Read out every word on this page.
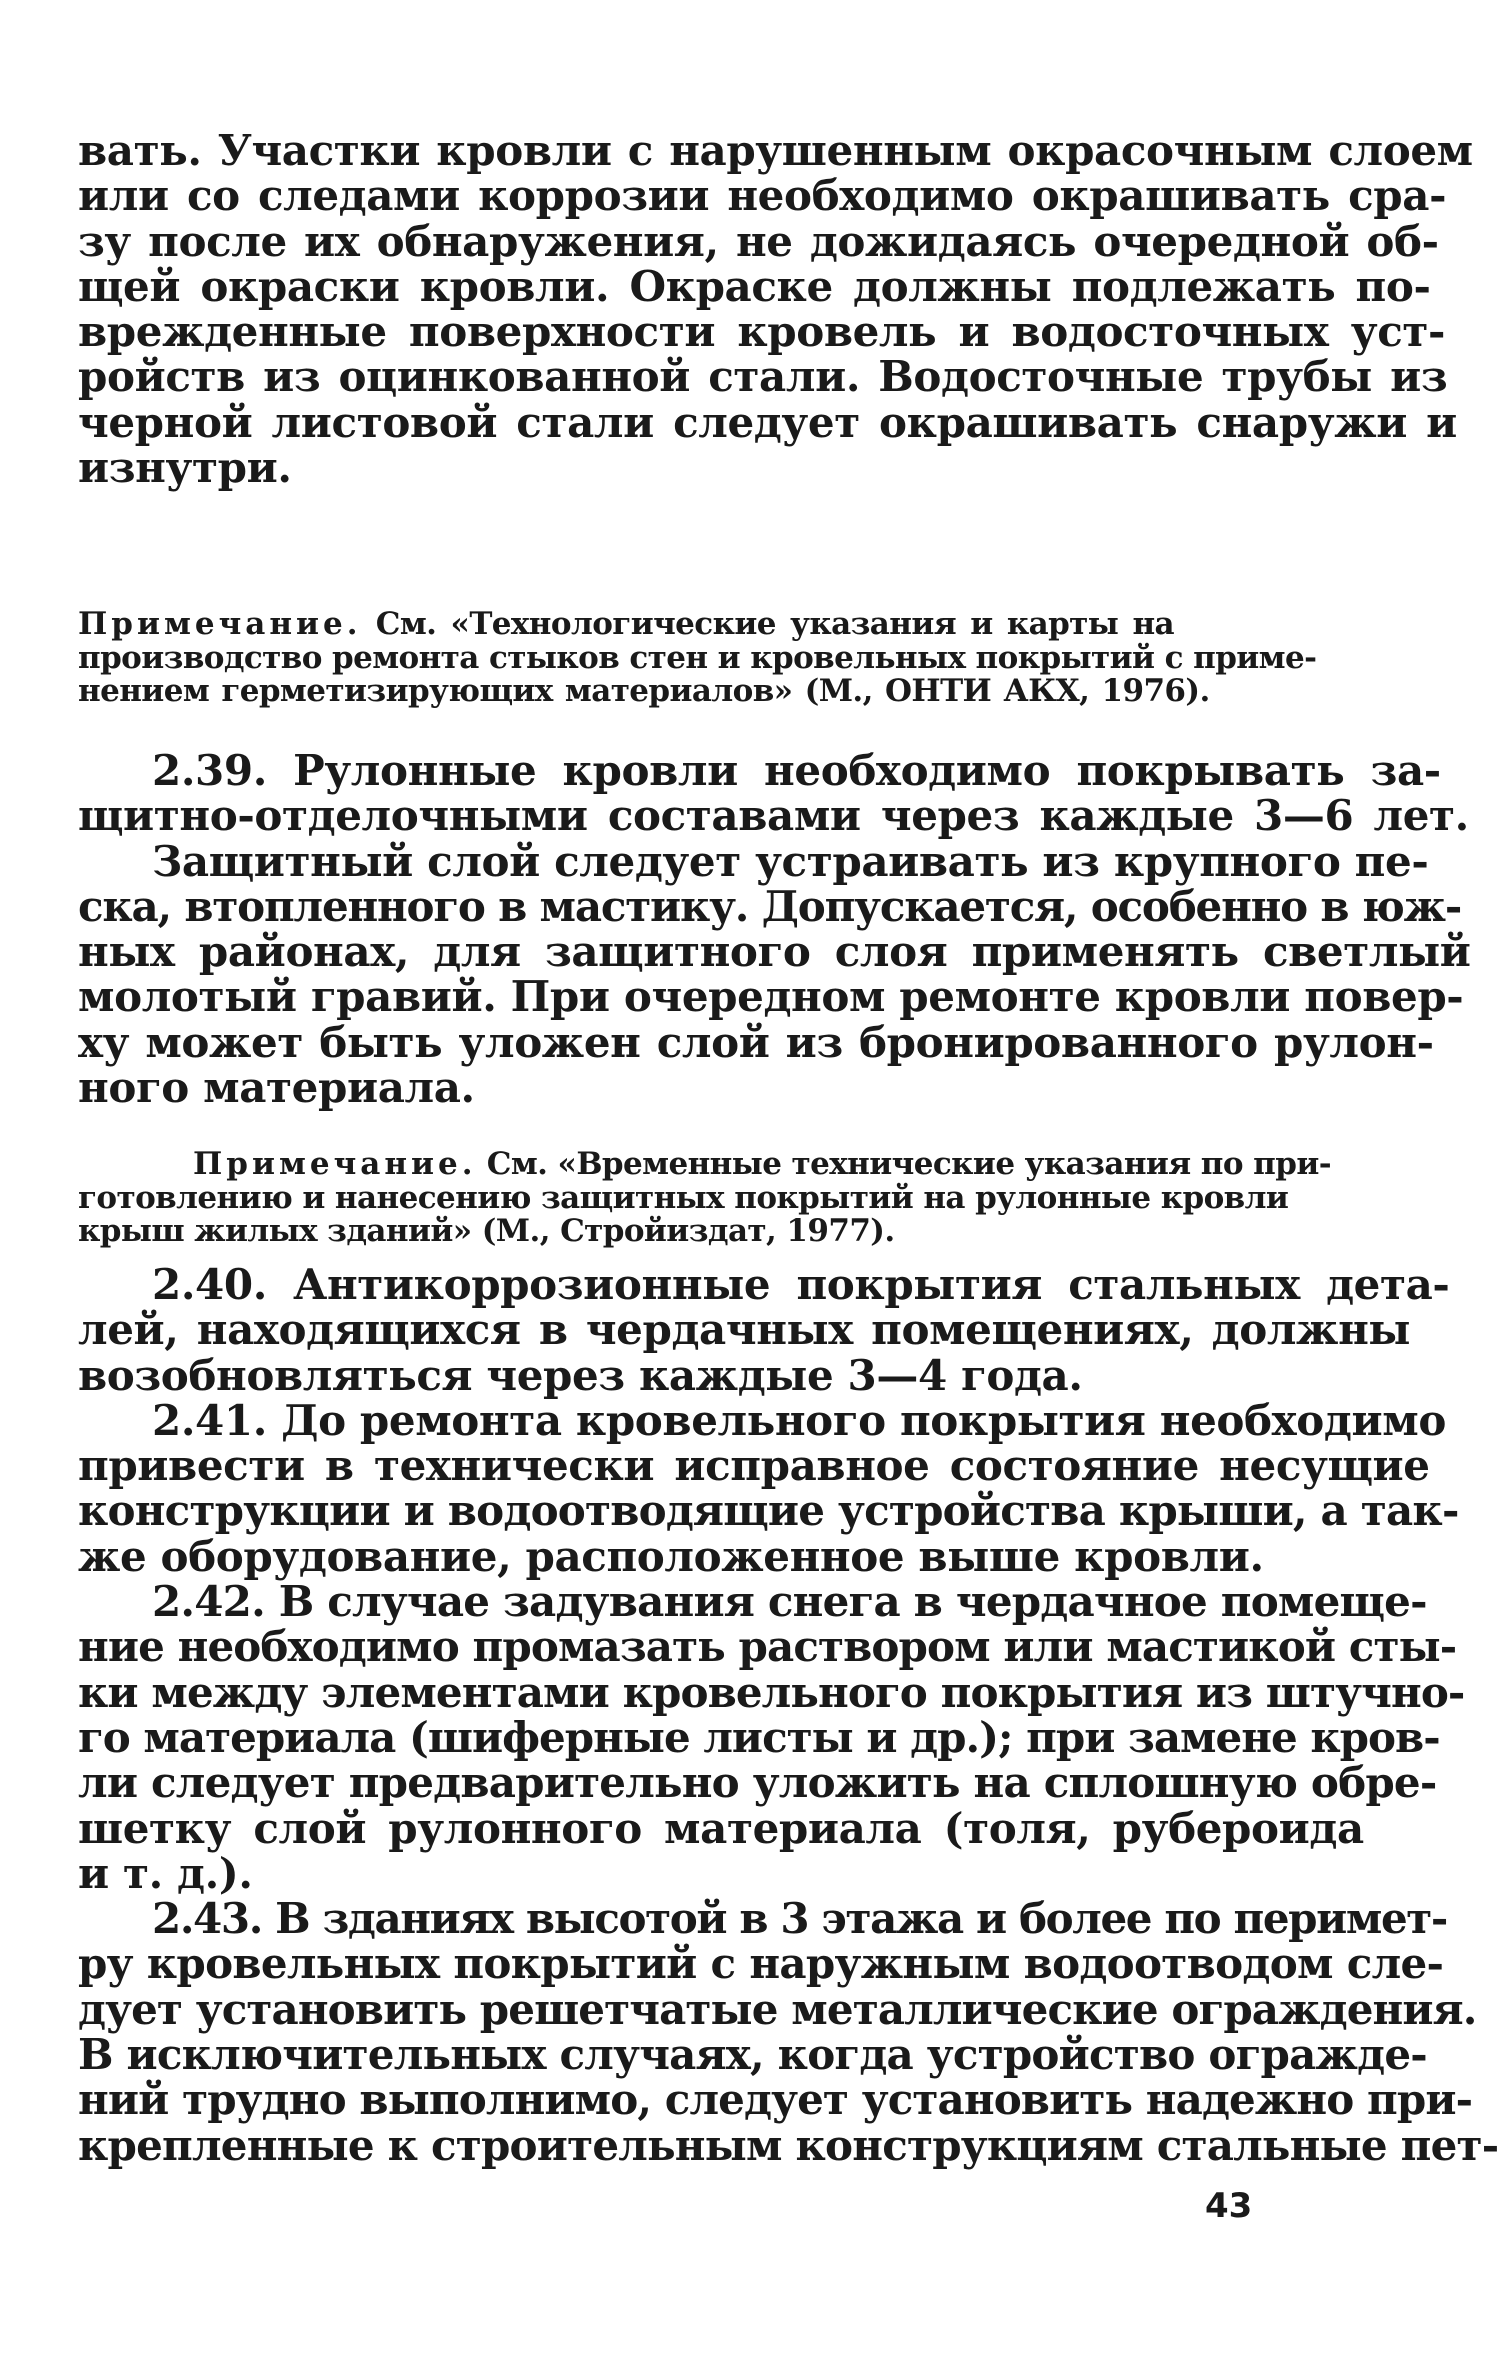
вать. Участки кровли с нарушенным окрасочным слоем
или со следами коррозии необходимо окрашивать сра-
зу после их обнаружения, не дожидаясь очередной об-
щей окраски кровли. Окраске должны подлежать по-
врежденные поверхности кровель и водосточных уст-
ройств из оцинкованной стали. Водосточные трубы из
черной листовой стали следует окрашивать снаружи и
изнутри.
Примечание. См. «Технологические указания и карты на
производство ремонта стыков стен и кровельных покрытий с приме-
нением герметизирующих материалов» (М., ОНТИ АКХ, 1976).
2.39. Рулонные кровли необходимо покрывать за-
щитно-отделочными составами через каждые 3—6 лет.
Защитный слой следует устраивать из крупного пе-
ска, втопленного в мастику. Допускается, особенно в юж-
ных районах, для защитного слоя применять светлый
молотый гравий. При очередном ремонте кровли повер-
ху может быть уложен слой из бронированного рулон-
ного материала.
Примечание. См. «Временные технические указания по при-
готовлению и нанесению защитных покрытий на рулонные кровли
крыш жилых зданий» (М., Стройиздат, 1977).
2.40. Антикоррозионные покрытия стальных дета-
лей, находящихся в чердачных помещениях, должны
возобновляться через каждые 3—4 года.
2.41. До ремонта кровельного покрытия необходимо
привести в технически исправное состояние несущие
конструкции и водоотводящие устройства крыши, а так-
же оборудование, расположенное выше кровли.
2.42. В случае задувания снега в чердачное помеще-
ние необходимо промазать раствором или мастикой сты-
ки между элементами кровельного покрытия из штучно-
го материала (шиферные листы и др.); при замене кров-
ли следует предварительно уложить на сплошную обре-
шетку слой рулонного материала (толя, рубероида
и т. д.).
2.43. В зданиях высотой в 3 этажа и более по перимет-
ру кровельных покрытий с наружным водоотводом сле-
дует установить решетчатые металлические ограждения.
В исключительных случаях, когда устройство огражде-
ний трудно выполнимо, следует установить надежно при-
крепленные к строительным конструкциям стальные пет-
43
